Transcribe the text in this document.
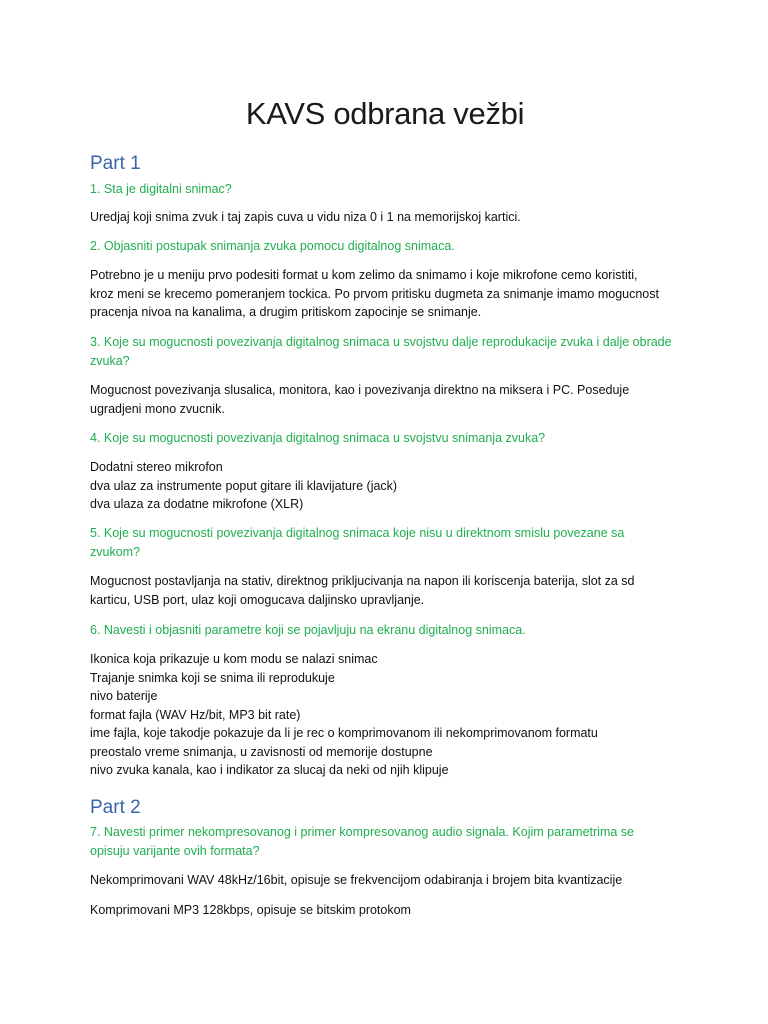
KAVS odbrana vežbi
Part 1

1. Sta je digitalni snimac?

Uredjaj koji snima zvuk i taj zapis cuva u vidu niza 0 i 1 na memorijskoj kartici.

2. Objasniti postupak snimanja zvuka pomocu digitalnog snimaca.

Potrebno je u meniju prvo podesiti format u kom zelimo da snimamo i koje mikrofone cemo koristiti,
kroz meni se krecemo pomeranjem tockica. Po prvom pritisku dugmeta za snimanje imamo mogucnost
pracenja nivoa na kanalima, a drugim pritiskom zapocinje se snimanje.

3. Koje su mogucnosti povezivanja digitalnog snimaca u svojstvu dalje reprodukacije zvuka i dalje obrade
zvuka?

Mogucnost povezivanja slusalica, monitora, kao i povezivanja direktno na miksera i PC. Poseduje
ugradjeni mono zvucnik.

4. Koje su mogucnosti povezivanja digitalnog snimaca u svojstvu snimanja zvuka?

Dodatni stereo mikrofon
dva ulaz za instrumente poput gitare ili klavijature (jack)
dva ulaza za dodatne mikrofone (XLR)

5. Koje su mogucnosti povezivanja digitalnog snimaca koje nisu u direktnom smislu povezane sa
zvukom?

Mogucnost postavljanja na stativ, direktnog prikljucivanja na napon ili koriscenja baterija, slot za sd
karticu, USB port, ulaz koji omogucava daljinsko upravljanje.

6. Navesti i objasniti parametre koji se pojavljuju na ekranu digitalnog snimaca.

Ikonica koja prikazuje u kom modu se nalazi snimac
Trajanje snimka koji se snima ili reprodukuje
nivo baterije
format fajla (WAV Hz/bit, MP3 bit rate)
ime fajla, koje takodje pokazuje da li je rec o komprimovanom ili nekomprimovanom formatu
preostalo vreme snimanja, u zavisnosti od memorije dostupne
nivo zvuka kanala, kao i indikator za slucaj da neki od njih klipuje

Part 2

7. Navesti primer nekompresovanog i primer kompresovanog audio signala. Kojim parametrima se
opisuju varijante ovih formata?

Nekomprimovani WAV 48kHz/16bit, opisuje se frekvencijom odabiranja i brojem bita kvantizacije

Komprimovani MP3 128kbps, opisuje se bitskim protokom
